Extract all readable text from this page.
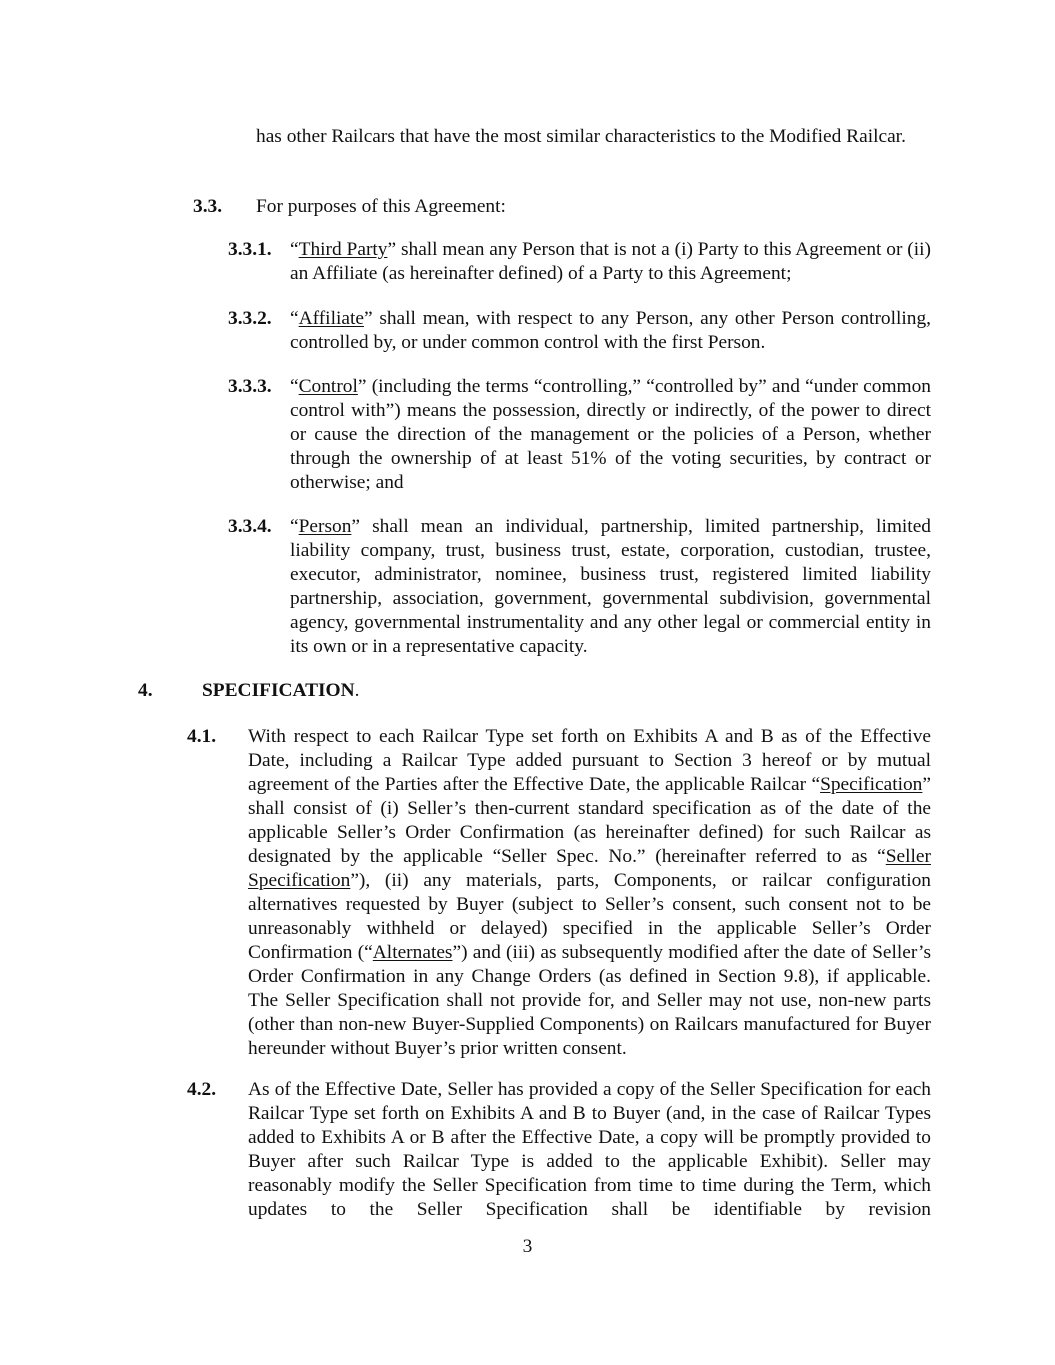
has other Railcars that have the most similar characteristics to the Modified Railcar.
3.3. For purposes of this Agreement:
3.3.1. “Third Party” shall mean any Person that is not a (i) Party to this Agreement or (ii) an Affiliate (as hereinafter defined) of a Party to this Agreement;
3.3.2. “Affiliate” shall mean, with respect to any Person, any other Person controlling, controlled by, or under common control with the first Person.
3.3.3. “Control” (including the terms “controlling,” “controlled by” and “under common control with”) means the possession, directly or indirectly, of the power to direct or cause the direction of the management or the policies of a Person, whether through the ownership of at least 51% of the voting securities, by contract or otherwise; and
3.3.4. “Person” shall mean an individual, partnership, limited partnership, limited liability company, trust, business trust, estate, corporation, custodian, trustee, executor, administrator, nominee, business trust, registered limited liability partnership, association, government, governmental subdivision, governmental agency, governmental instrumentality and any other legal or commercial entity in its own or in a representative capacity.
4.	SPECIFICATION.
4.1. With respect to each Railcar Type set forth on Exhibits A and B as of the Effective Date, including a Railcar Type added pursuant to Section 3 hereof or by mutual agreement of the Parties after the Effective Date, the applicable Railcar “Specification” shall consist of (i) Seller’s then-current standard specification as of the date of the applicable Seller’s Order Confirmation (as hereinafter defined) for such Railcar as designated by the applicable “Seller Spec. No.” (hereinafter referred to as “Seller Specification”), (ii) any materials, parts, Components, or railcar configuration alternatives requested by Buyer (subject to Seller’s consent, such consent not to be unreasonably withheld or delayed) specified in the applicable Seller’s Order Confirmation (“Alternates”) and (iii) as subsequently modified after the date of Seller’s Order Confirmation in any Change Orders (as defined in Section 9.8), if applicable. The Seller Specification shall not provide for, and Seller may not use, non-new parts (other than non-new Buyer-Supplied Components) on Railcars manufactured for Buyer hereunder without Buyer’s prior written consent.
4.2. As of the Effective Date, Seller has provided a copy of the Seller Specification for each Railcar Type set forth on Exhibits A and B to Buyer (and, in the case of Railcar Types added to Exhibits A or B after the Effective Date, a copy will be promptly provided to Buyer after such Railcar Type is added to the applicable Exhibit). Seller may reasonably modify the Seller Specification from time to time during the Term, which updates to the Seller Specification shall be identifiable by revision
3
